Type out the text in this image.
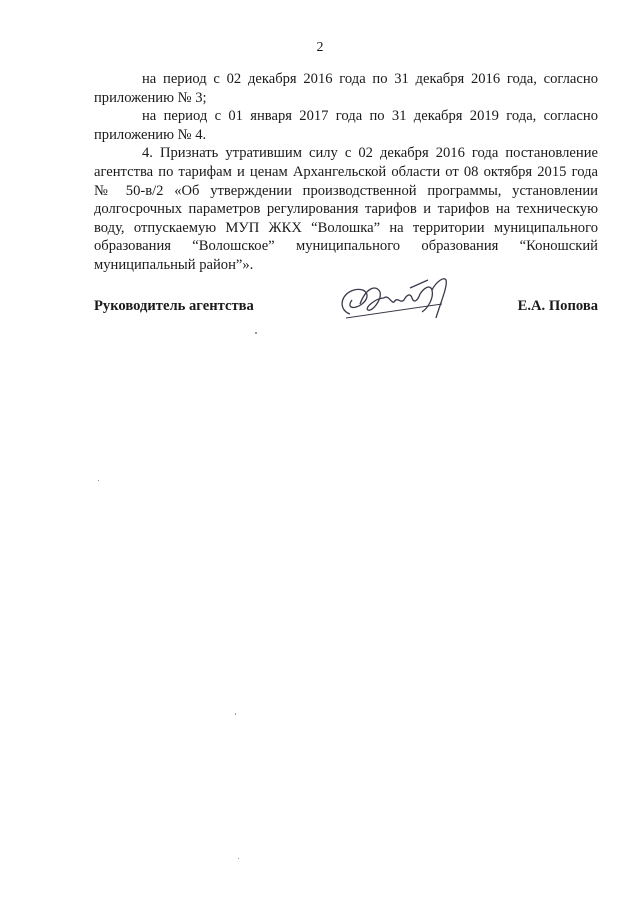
2

на период с 02 декабря 2016 года по 31 декабря 2016 года, согласно приложению № 3;

на период с 01 января 2017 года по 31 декабря 2019 года, согласно приложению № 4.

4. Признать утратившим силу с 02 декабря 2016 года постановление агентства по тарифам и ценам Архангельской области от 08 октября 2015 года № 50-в/2 «Об утверждении производственной программы, установлении долгосрочных параметров регулирования тарифов и тарифов на техническую воду, отпускаемую МУП ЖКХ “Волошка” на территории муниципального образования “Волошское” муниципального образования “Коношский муниципальный район”».

Руководитель агентства	Е.А. Попова
